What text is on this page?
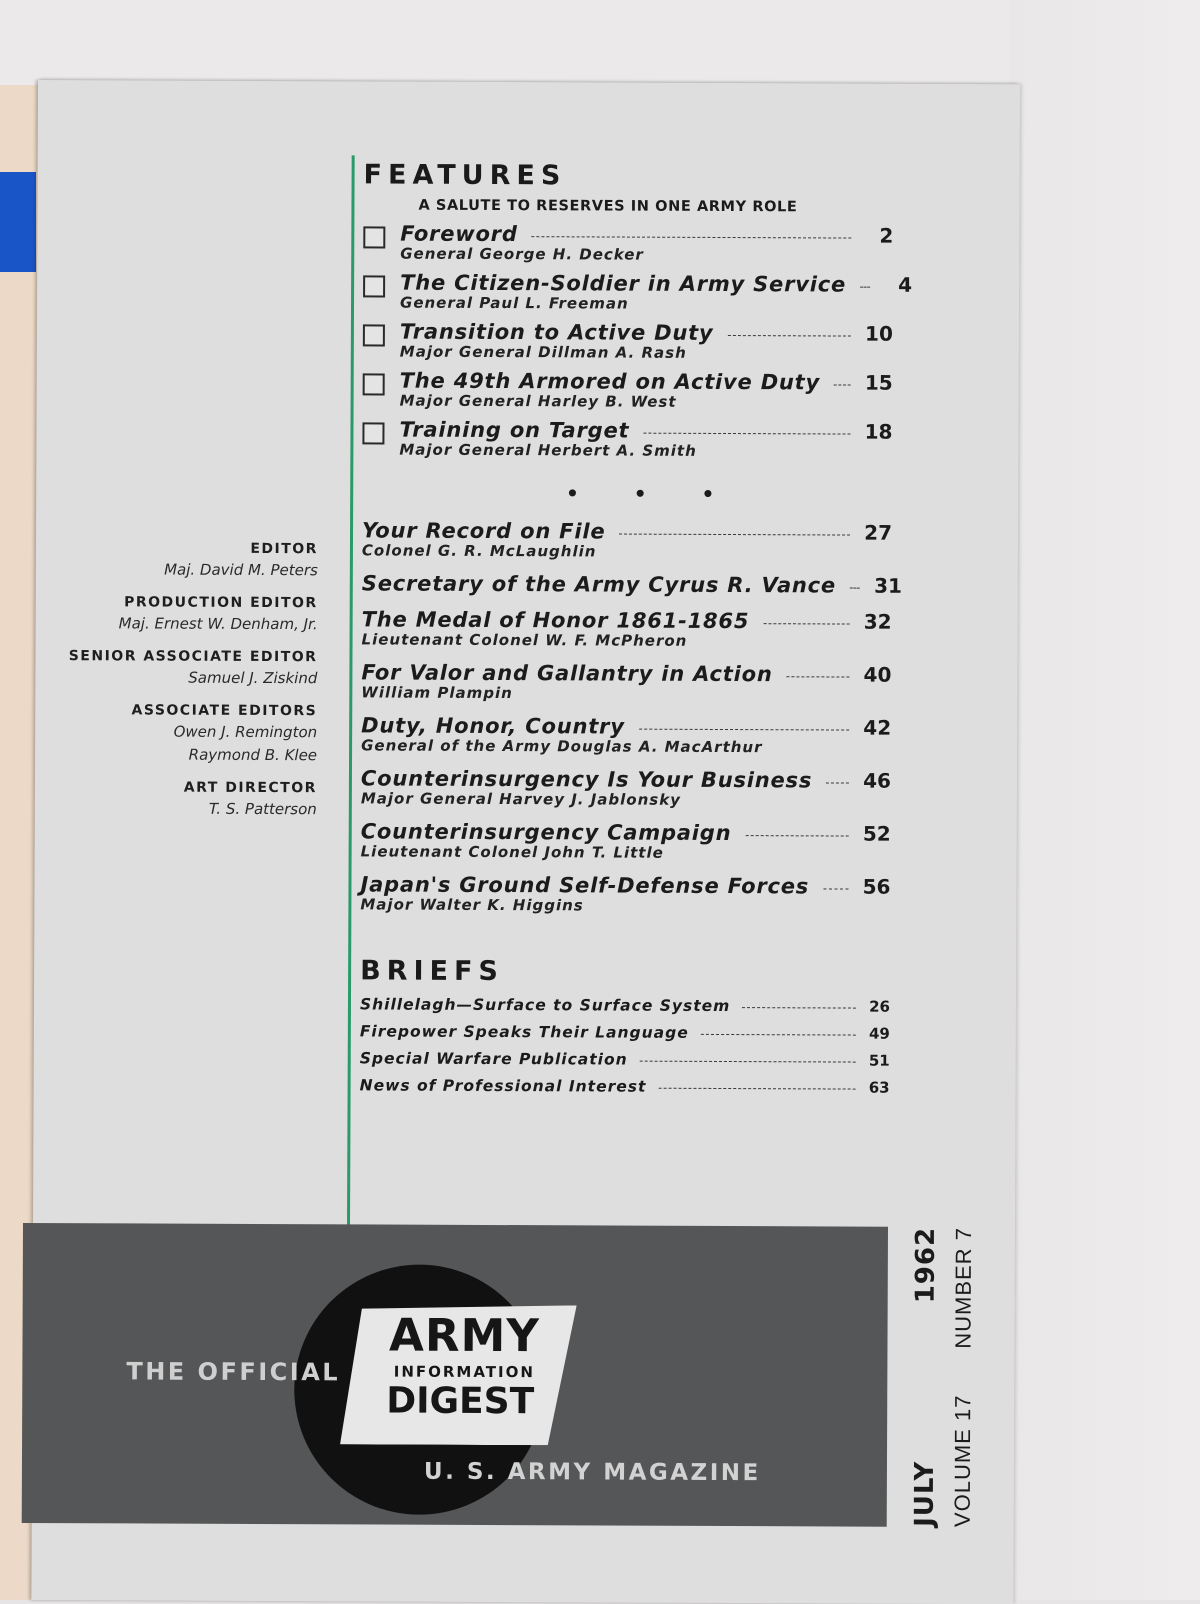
EDITOR
Maj. David M. Peters
PRODUCTION EDITOR
Maj. Ernest W. Denham, Jr.
SENIOR ASSOCIATE EDITOR
Samuel J. Ziskind
ASSOCIATE EDITORS
Owen J. Remington
Raymond B. Klee
ART DIRECTOR
T. S. Patterson
FEATURES
A SALUTE TO RESERVES IN ONE ARMY ROLE
Foreword	2
General George H. Decker
The Citizen-Soldier in Army Service	4
General Paul L. Freeman
Transition to Active Duty	10
Major General Dillman A. Rash
The 49th Armored on Active Duty 15
Major General Harley B. West
Training on Target	18
Major General Herbert A. Smith
• • •
Your Record on File	27
Colonel G. R. McLaughlin
Secretary of the Army Cyrus R. Vance 31
The Medal of Honor 1861-1865	32
Lieutenant Colonel W. F. McPheron
For Valor and Gallantry in Action	40
William Plampin
Duty, Honor, Country	42
General of the Army Douglas A. MacArthur
Counterinsurgency Is Your Business	46
Major General Harvey J. Jablonsky
Counterinsurgency Campaign	52
Lieutenant Colonel John T. Little
Japan's Ground Self-Defense Forces	56
Major Walter K. Higgins
BRIEFS
Shillelagh—Surface to Surface System	26
Firepower Speaks Their Language	49
Special Warfare Publication	51
News of Professional Interest	63
ARMY
INFORMATION
DIGEST
THE OFFICIAL
U. S. ARMY MAGAZINE	JULY
1962
VOLUME 17
NUMBER 7
